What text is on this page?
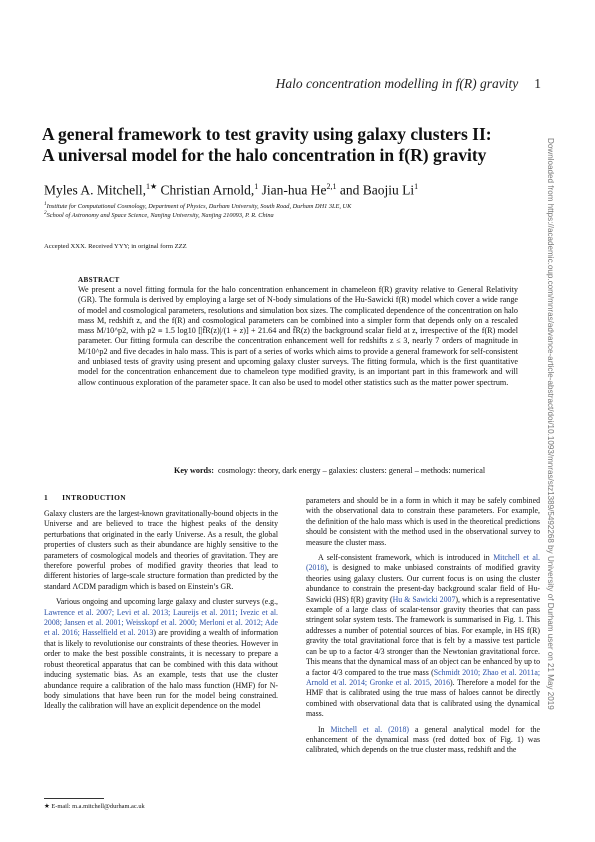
Halo concentration modelling in f(R) gravity 1
A general framework to test gravity using galaxy clusters II:
A universal model for the halo concentration in f(R) gravity
Myles A. Mitchell,$^{1★}$ Christian Arnold,$^1$ Jian-hua He$^{2,1}$ and Baojiu Li$^1$
$^1$Institute for Computational Cosmology, Department of Physics, Durham University, South Road, Durham DH1 3LE, UK
$^2$School of Astronomy and Space Science, Nanjing University, Nanjing 210093, P. R. China
Accepted XXX. Received YYY; in original form ZZZ
ABSTRACT
We present a novel fitting formula for the halo concentration enhancement in chameleon f(R) gravity relative to General Relativity (GR). The formula is derived by employing a large set of N-body simulations of the Hu-Sawicki f(R) model which cover a wide range of model and cosmological parameters, resolutions and simulation box sizes. The complicated dependence of the concentration on halo mass M, redshift z, and the f(R) and cosmological parameters can be combined into a simpler form that depends only on a rescaled mass M/10^p2, with p2 ≡ 1.5 log10 [|f̄R(z)|/(1 + z)] + 21.64 and f̄R(z) the background scalar field at z, irrespective of the f(R) model parameter. Our fitting formula can describe the concentration enhancement well for redshifts z ≤ 3, nearly 7 orders of magnitude in M/10^p2 and five decades in halo mass. This is part of a series of works which aims to provide a general framework for self-consistent and unbiased tests of gravity using present and upcoming galaxy cluster surveys. The fitting formula, which is the first quantitative model for the concentration enhancement due to chameleon type modified gravity, is an important part in this framework and will allow continuous exploration of the parameter space. It can also be used to model other statistics such as the matter power spectrum.
Key words: cosmology: theory, dark energy – galaxies: clusters: general – methods: numerical
1 INTRODUCTION

Galaxy clusters are the largest-known gravitationally-bound objects in the Universe and are believed to trace the highest peaks of the density perturbations that originated in the early Universe. As a result, the global properties of clusters such as their abundance are highly sensitive to the parameters of cosmological models and theories of gravitation. They are therefore powerful probes of modified gravity theories that lead to different histories of large-scale structure formation than predicted by the standard ΛCDM paradigm which is based on Einstein’s GR.

Various ongoing and upcoming large galaxy and cluster surveys (e.g., Lawrence et al. 2007; Levi et al. 2013; Laureijs et al. 2011; Ivezic et al. 2008; Jansen et al. 2001; Weisskopf et al. 2000; Merloni et al. 2012; Ade et al. 2016; Hasselfield et al. 2013) are providing a wealth of information that is likely to revolutionise our constraints of these theories. However in order to make the best possible constraints, it is necessary to prepare a robust theoretical apparatus that can be combined with this data without inducing systematic bias. As an example, tests that use the cluster abundance require a calibration of the halo mass function (HMF) for N-body simulations that have been run for the model being constrained. Ideally the calibration will have an explicit dependence on the model

parameters and should be in a form in which it may be safely combined with the observational data to constrain these parameters. For example, the definition of the halo mass which is used in the theoretical predictions should be consistent with the method used in the observational survey to measure the cluster mass.

A self-consistent framework, which is introduced in Mitchell et al. (2018), is designed to make unbiased constraints of modified gravity theories using galaxy clusters. Our current focus is on using the cluster abundance to constrain the present-day background scalar field of Hu-Sawicki (HS) f(R) gravity (Hu & Sawicki 2007), which is a representative example of a large class of scalar-tensor gravity theories that can pass stringent solar system tests. The framework is summarised in Fig. 1. This addresses a number of potential sources of bias. For example, in HS f(R) gravity the total gravitational force that is felt by a massive test particle can be up to a factor 4/3 stronger than the Newtonian gravitational force. This means that the dynamical mass of an object can be enhanced by up to a factor 4/3 compared to the true mass (Schmidt 2010; Zhao et al. 2011a; Arnold et al. 2014; Gronke et al. 2015, 2016). Therefore a model for the HMF that is calibrated using the true mass of haloes cannot be directly combined with observational data that is calibrated using the dynamical mass.

In Mitchell et al. (2018) a general analytical model for the enhancement of the dynamical mass (red dotted box of Fig. 1) was calibrated, which depends on the true cluster mass, redshift and the

★ E-mail: m.a.mitchell@durham.ac.uk
Downloaded from https://academic.oup.com/mnras/advance-article-abstract/doi/10.1093/mnras/stz1389/5492268 by University of Durham user on 21 May 2019
